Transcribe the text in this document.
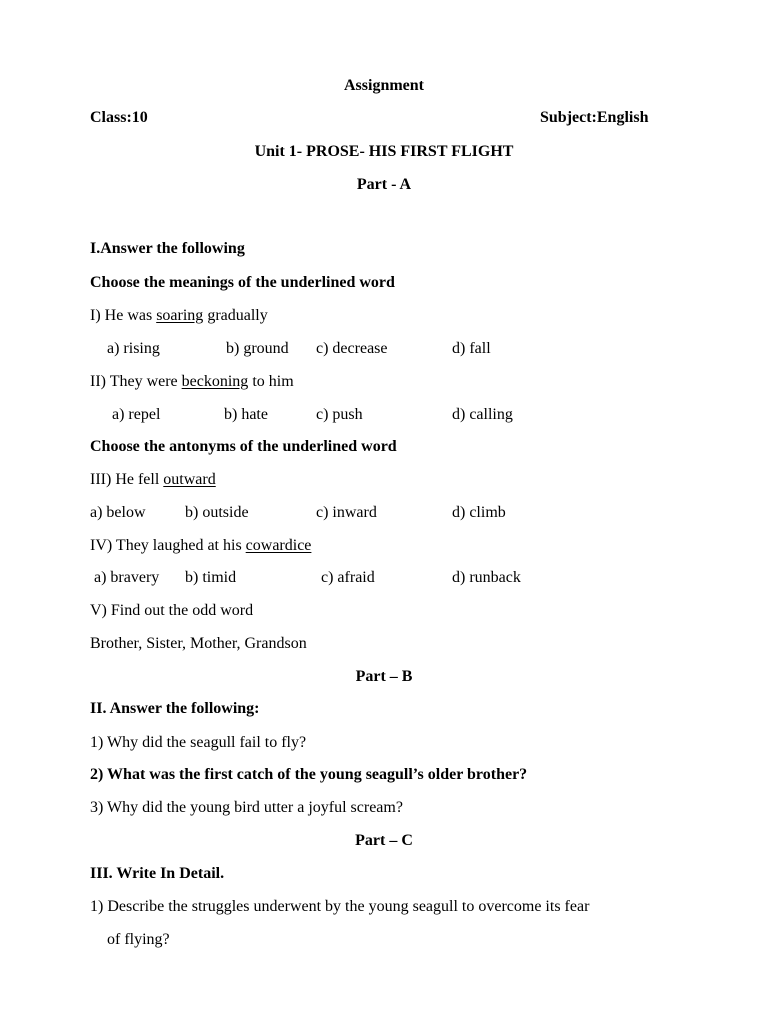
Assignment
Class:10	Subject:English
Unit 1- PROSE- HIS FIRST FLIGHT
Part - A
I.Answer the following
Choose the meanings of the underlined word
I) He was soaring gradually
a) rising	b) ground c) decrease	d) fall
II) They were beckoning to him
a) repel	b) hate	c) push	d) calling
Choose the antonyms of the underlined word
III) He fell outward
a) below b) outside	c) inward	d) climb
IV) They laughed at his cowardice
a) bravery b) timid	c) afraid	d) runback
V) Find out the odd word
Brother, Sister, Mother, Grandson
Part – B
II. Answer the following:
1) Why did the seagull fail to fly?
2) What was the first catch of the young seagull’s older brother?
3) Why did the young bird utter a joyful scream?
Part – C
III. Write In Detail.
1) Describe the struggles underwent by the young seagull to overcome its fear
of flying?
